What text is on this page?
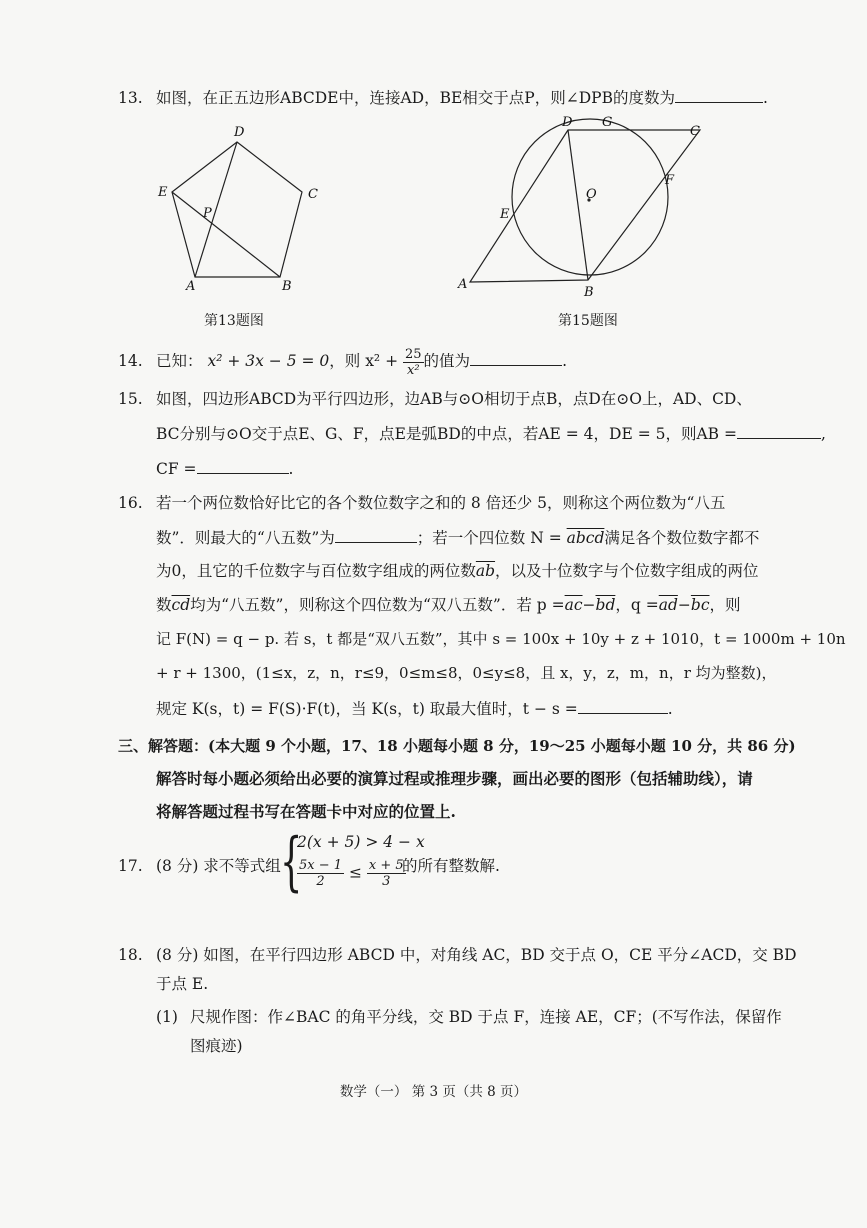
13. 如图，在正五边形ABCDE中，连接AD，BE相交于点P，则∠DPB的度数为	.
D
E	C
P
A	B
第13题图
D G
C
F
O
E
A
B
第15题图
14. 已知： x² + 3x − 5 = 0，则 $x^2 + \frac{25}{\text{x²}}$ 的值为	.
15. 如图，四边形ABCD为平行四边形，边AB与⊙O相切于点B，点D在⊙O上，AD、CD、
BC分别与⊙O交于点E、G、F，点E是弧BD的中点，若AE = 4，DE = 5，则AB =	,
CF =	.
16. 若一个两位数恰好比它的各个数位数字之和的 8 倍还少 5，则称这个两位数为“八五
数”．则最大的“八五数”为	；若一个四位数 N = abcd满足各个数位数字都不
为0，且它的千位数字与百位数字组成的两位数$\overline{ab}$，以及十位数字与个位数字组成的两位
数$\overline{cd}$均为“八五数”，则称这个四位数为“双八五数”．若 $p =\overline{ac}-\overline{bd}$，$q =\overline{ad}-\overline{bc}$，则
记 F(N) = q − p. 若 s，t 都是“双八五数”，其中 s = 100x + 10y + z + 1010，t = 1000m + 10n
+ r + 1300，(1≤x，z，n，r≤9，0≤m≤8，0≤y≤8，且 x，y，z，m，n，r 均为整数)，
规定 K(s，t) = F(S)·F(t)，当 K(s，t) 取最大值时，t − s =	.
三、解答题：(本大题 9 个小题，17、18 小题每小题 8 分，19～25 小题每小题 10 分，共 86 分)
解答时每小题必须给出必要的演算过程或推理步骤，画出必要的图形（包括辅助线），请
将解答题过程书写在答题卡中对应的位置上.
17. (8 分) 求不等式组 {
2(x + 5) > 4 − x
$\frac{5x - 1}{2} \le \frac{x + 5}{3}$
的所有整数解.
18. (8 分) 如图，在平行四边形 ABCD 中，对角线 AC，BD 交于点 O，CE 平分∠ACD，交 BD
于点 E.
(1) 尺规作图：作∠BAC 的角平分线，交 BD 于点 F，连接 AE，CF；(不写作法，保留作
图痕迹)
数学（一） 第 3 页（共 8 页）
